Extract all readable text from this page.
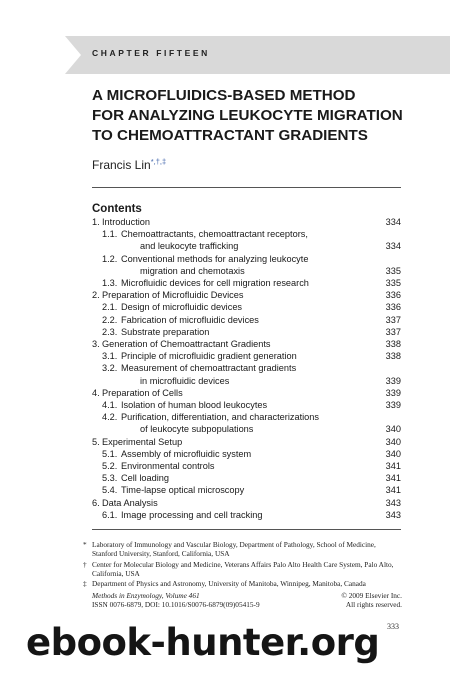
CHAPTER FIFTEEN
A MICROFLUIDICS-BASED METHOD
FOR ANALYZING LEUKOCYTE MIGRATION
TO CHEMOATTRACTANT GRADIENTS
Francis Lin*,†,‡
Contents
1. Introduction	334
1.1. Chemoattractants, chemoattractant receptors,
and leukocyte trafficking	334
1.2. Conventional methods for analyzing leukocyte
migration and chemotaxis	335
1.3. Microfluidic devices for cell migration research	335
2. Preparation of Microfluidic Devices	336
2.1. Design of microfluidic devices	336
2.2. Fabrication of microfluidic devices	337
2.3. Substrate preparation	337
3. Generation of Chemoattractant Gradients	338
3.1. Principle of microfluidic gradient generation	338
3.2. Measurement of chemoattractant gradients
in microfluidic devices	339
4. Preparation of Cells	339
4.1. Isolation of human blood leukocytes	339
4.2. Purification, differentiation, and characterizations
of leukocyte subpopulations	340
5. Experimental Setup	340
5.1. Assembly of microfluidic system	340
5.2. Environmental controls	341
5.3. Cell loading	341
5.4. Time-lapse optical microscopy	341
6. Data Analysis	343
6.1. Image processing and cell tracking	343
* Laboratory of Immunology and Vascular Biology, Department of Pathology, School of Medicine,
Stanford University, Stanford, California, USA
† Center for Molecular Biology and Medicine, Veterans Affairs Palo Alto Health Care System, Palo Alto,
California, USA
‡ Department of Physics and Astronomy, University of Manitoba, Winnipeg, Manitoba, Canada
Methods in Enzymology, Volume 461	© 2009 Elsevier Inc.
ISSN 0076-6879, DOI: 10.1016/S0076-6879(09)05415-9	All rights reserved.
333
ebook-hunter.org
